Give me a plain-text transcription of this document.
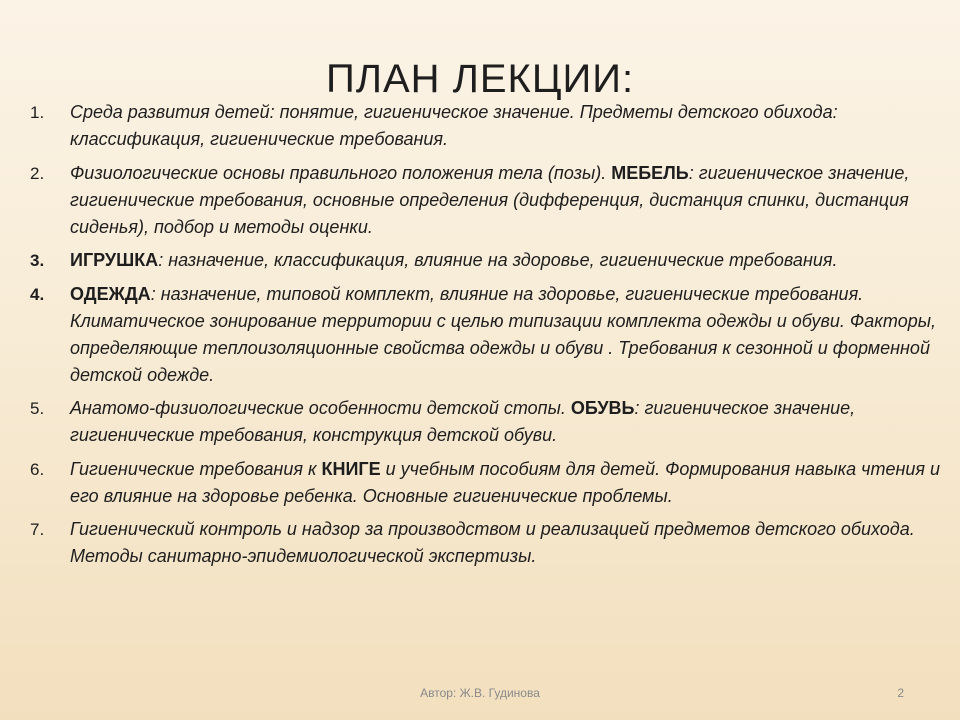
ПЛАН ЛЕКЦИИ:
1.	Среда развития детей: понятие, гигиеническое значение. Предметы детского обихода: классификация, гигиенические требования.
2.	Физиологические основы правильного положения тела (позы). МЕБЕЛЬ: гигиеническое значение, гигиенические требования, основные определения (дифференция, дистанция спинки, дистанция сиденья), подбор и методы оценки.
3.	ИГРУШКА: назначение, классификация, влияние на здоровье, гигиенические требования.
4.	ОДЕЖДА: назначение, типовой комплект, влияние на здоровье, гигиенические требования. Климатическое зонирование территории с целью типизации комплекта одежды и обуви. Факторы, определяющие теплоизоляционные свойства одежды и обуви . Требования к сезонной и форменной детской одежде.
5.	Анатомо-физиологические особенности детской стопы. ОБУВЬ: гигиеническое значение, гигиенические требования, конструкция детской обуви.
6.	Гигиенические требования к КНИГЕ и учебным пособиям для детей. Формирования навыка чтения и его влияние на здоровье ребенка. Основные гигиенические проблемы.
7.	Гигиенический контроль и надзор за производством и реализацией предметов детского обихода. Методы санитарно-эпидемиологической экспертизы.
Автор: Ж.В. Гудинова	2
